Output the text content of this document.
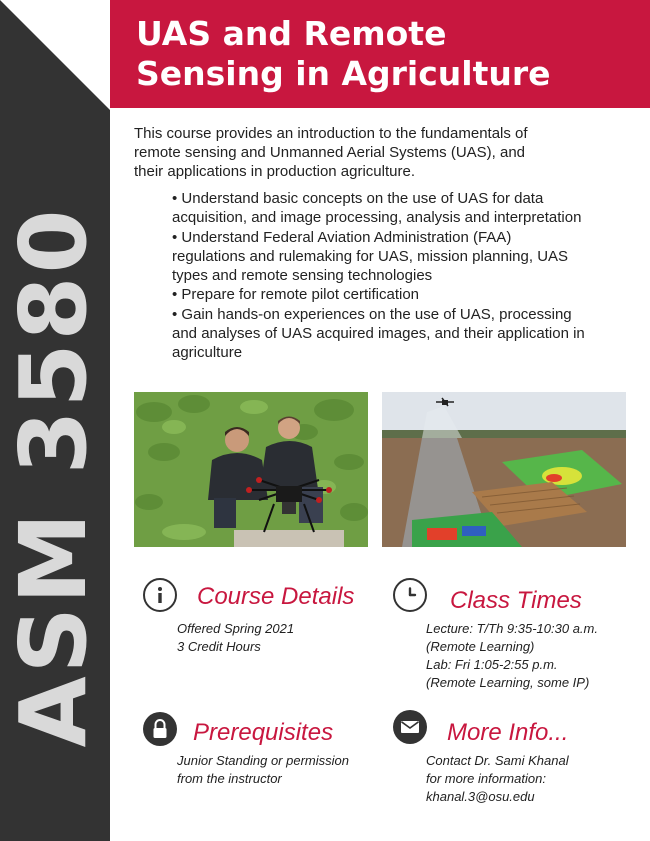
ASM 3580
UAS and Remote
Sensing in Agriculture
This course provides an introduction to the fundamentals of
remote sensing and Unmanned Aerial Systems (UAS), and
their applications in production agriculture.
• Understand basic concepts on the use of UAS for data
acquisition, and image processing, analysis and interpretation
• Understand Federal Aviation Administration (FAA)
regulations and rulemaking for UAS, mission planning, UAS
types and remote sensing technologies
• Prepare for remote pilot certification
• Gain hands-on experiences on the use of UAS, processing
and analyses of UAS acquired images, and their application in
agriculture
Course Details
Offered Spring 2021
3 Credit Hours
Class Times
Lecture: T/Th 9:35-10:30 a.m.
(Remote Learning)
Lab: Fri 1:05-2:55 p.m.
(Remote Learning, some IP)
Prerequisites
Junior Standing or permission
from the instructor
More Info...
Contact Dr. Sami Khanal
for more information:
khanal.3@osu.edu
